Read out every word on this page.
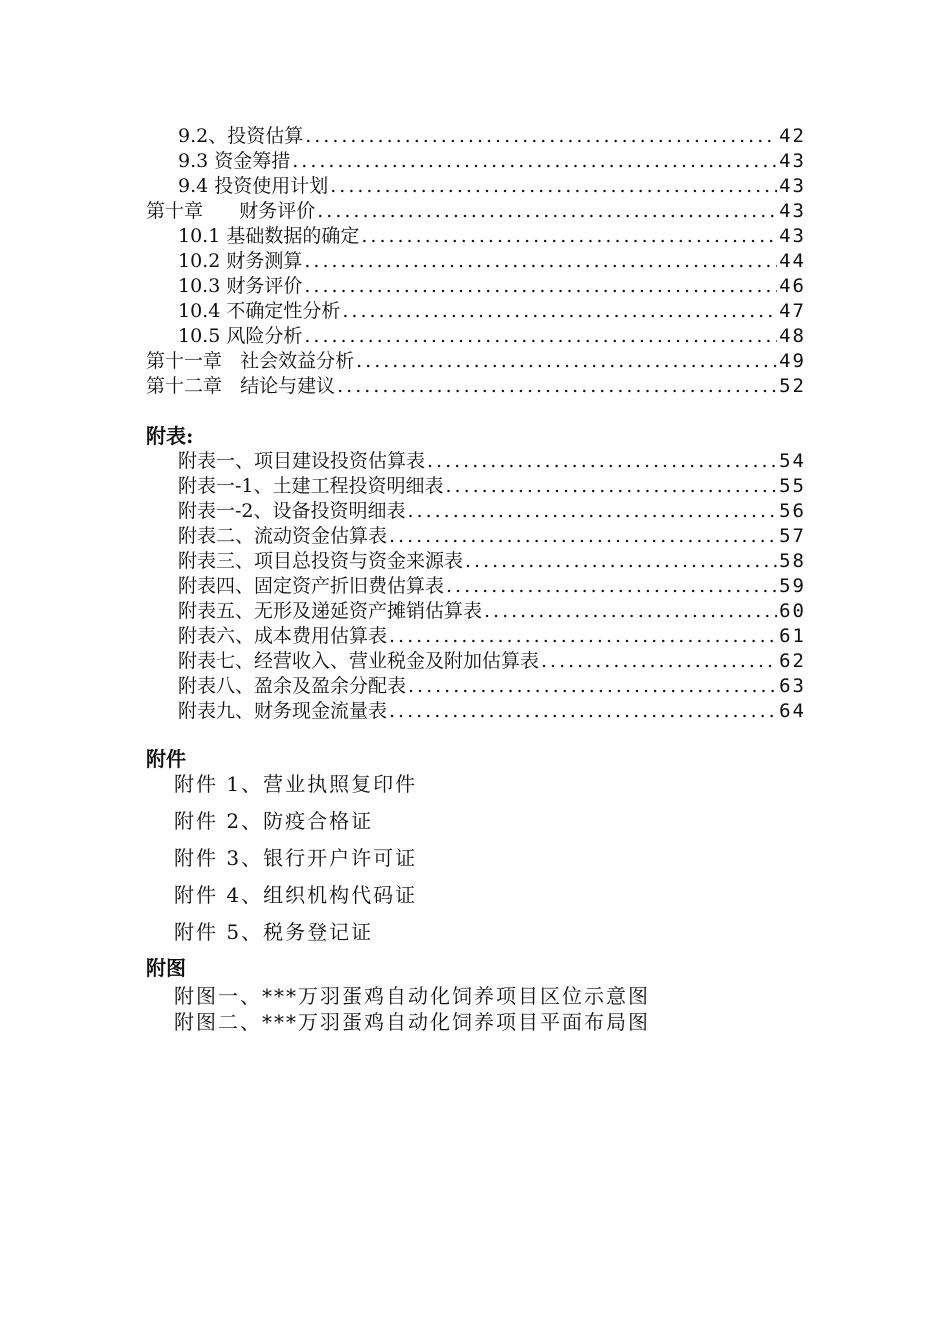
9.2、投资估算 .....	42
9.3 资金筹措 .....	43
9.4 投资使用计划 .....	43
第十章      财务评价 .....	43
10.1 基础数据的确定 .....	43
10.2 财务测算 .....	44
10.3 财务评价 .....	46
10.4 不确定性分析 .....	47
10.5 风险分析 .....	48
第十一章   社会效益分析 .....	49
第十二章   结论与建议 .....	52
附表:
附表一、项目建设投资估算表 .....	54
附表一-1、土建工程投资明细表 .....	55
附表一-2、设备投资明细表 .....	56
附表二、流动资金估算表 .....	57
附表三、项目总投资与资金来源表 .....	58
附表四、固定资产折旧费估算表 .....	59
附表五、无形及递延资产摊销估算表 .....	60
附表六、成本费用估算表 .....	61
附表七、经营收入、营业税金及附加估算表 .....	62
附表八、盈余及盈余分配表 .....	63
附表九、财务现金流量表 .....	64
附件
附件 1、营业执照复印件
附件 2、防疫合格证
附件 3、银行开户许可证
附件 4、组织机构代码证
附件 5、税务登记证
附图
附图一、***万羽蛋鸡自动化饲养项目区位示意图
附图二、***万羽蛋鸡自动化饲养项目平面布局图
